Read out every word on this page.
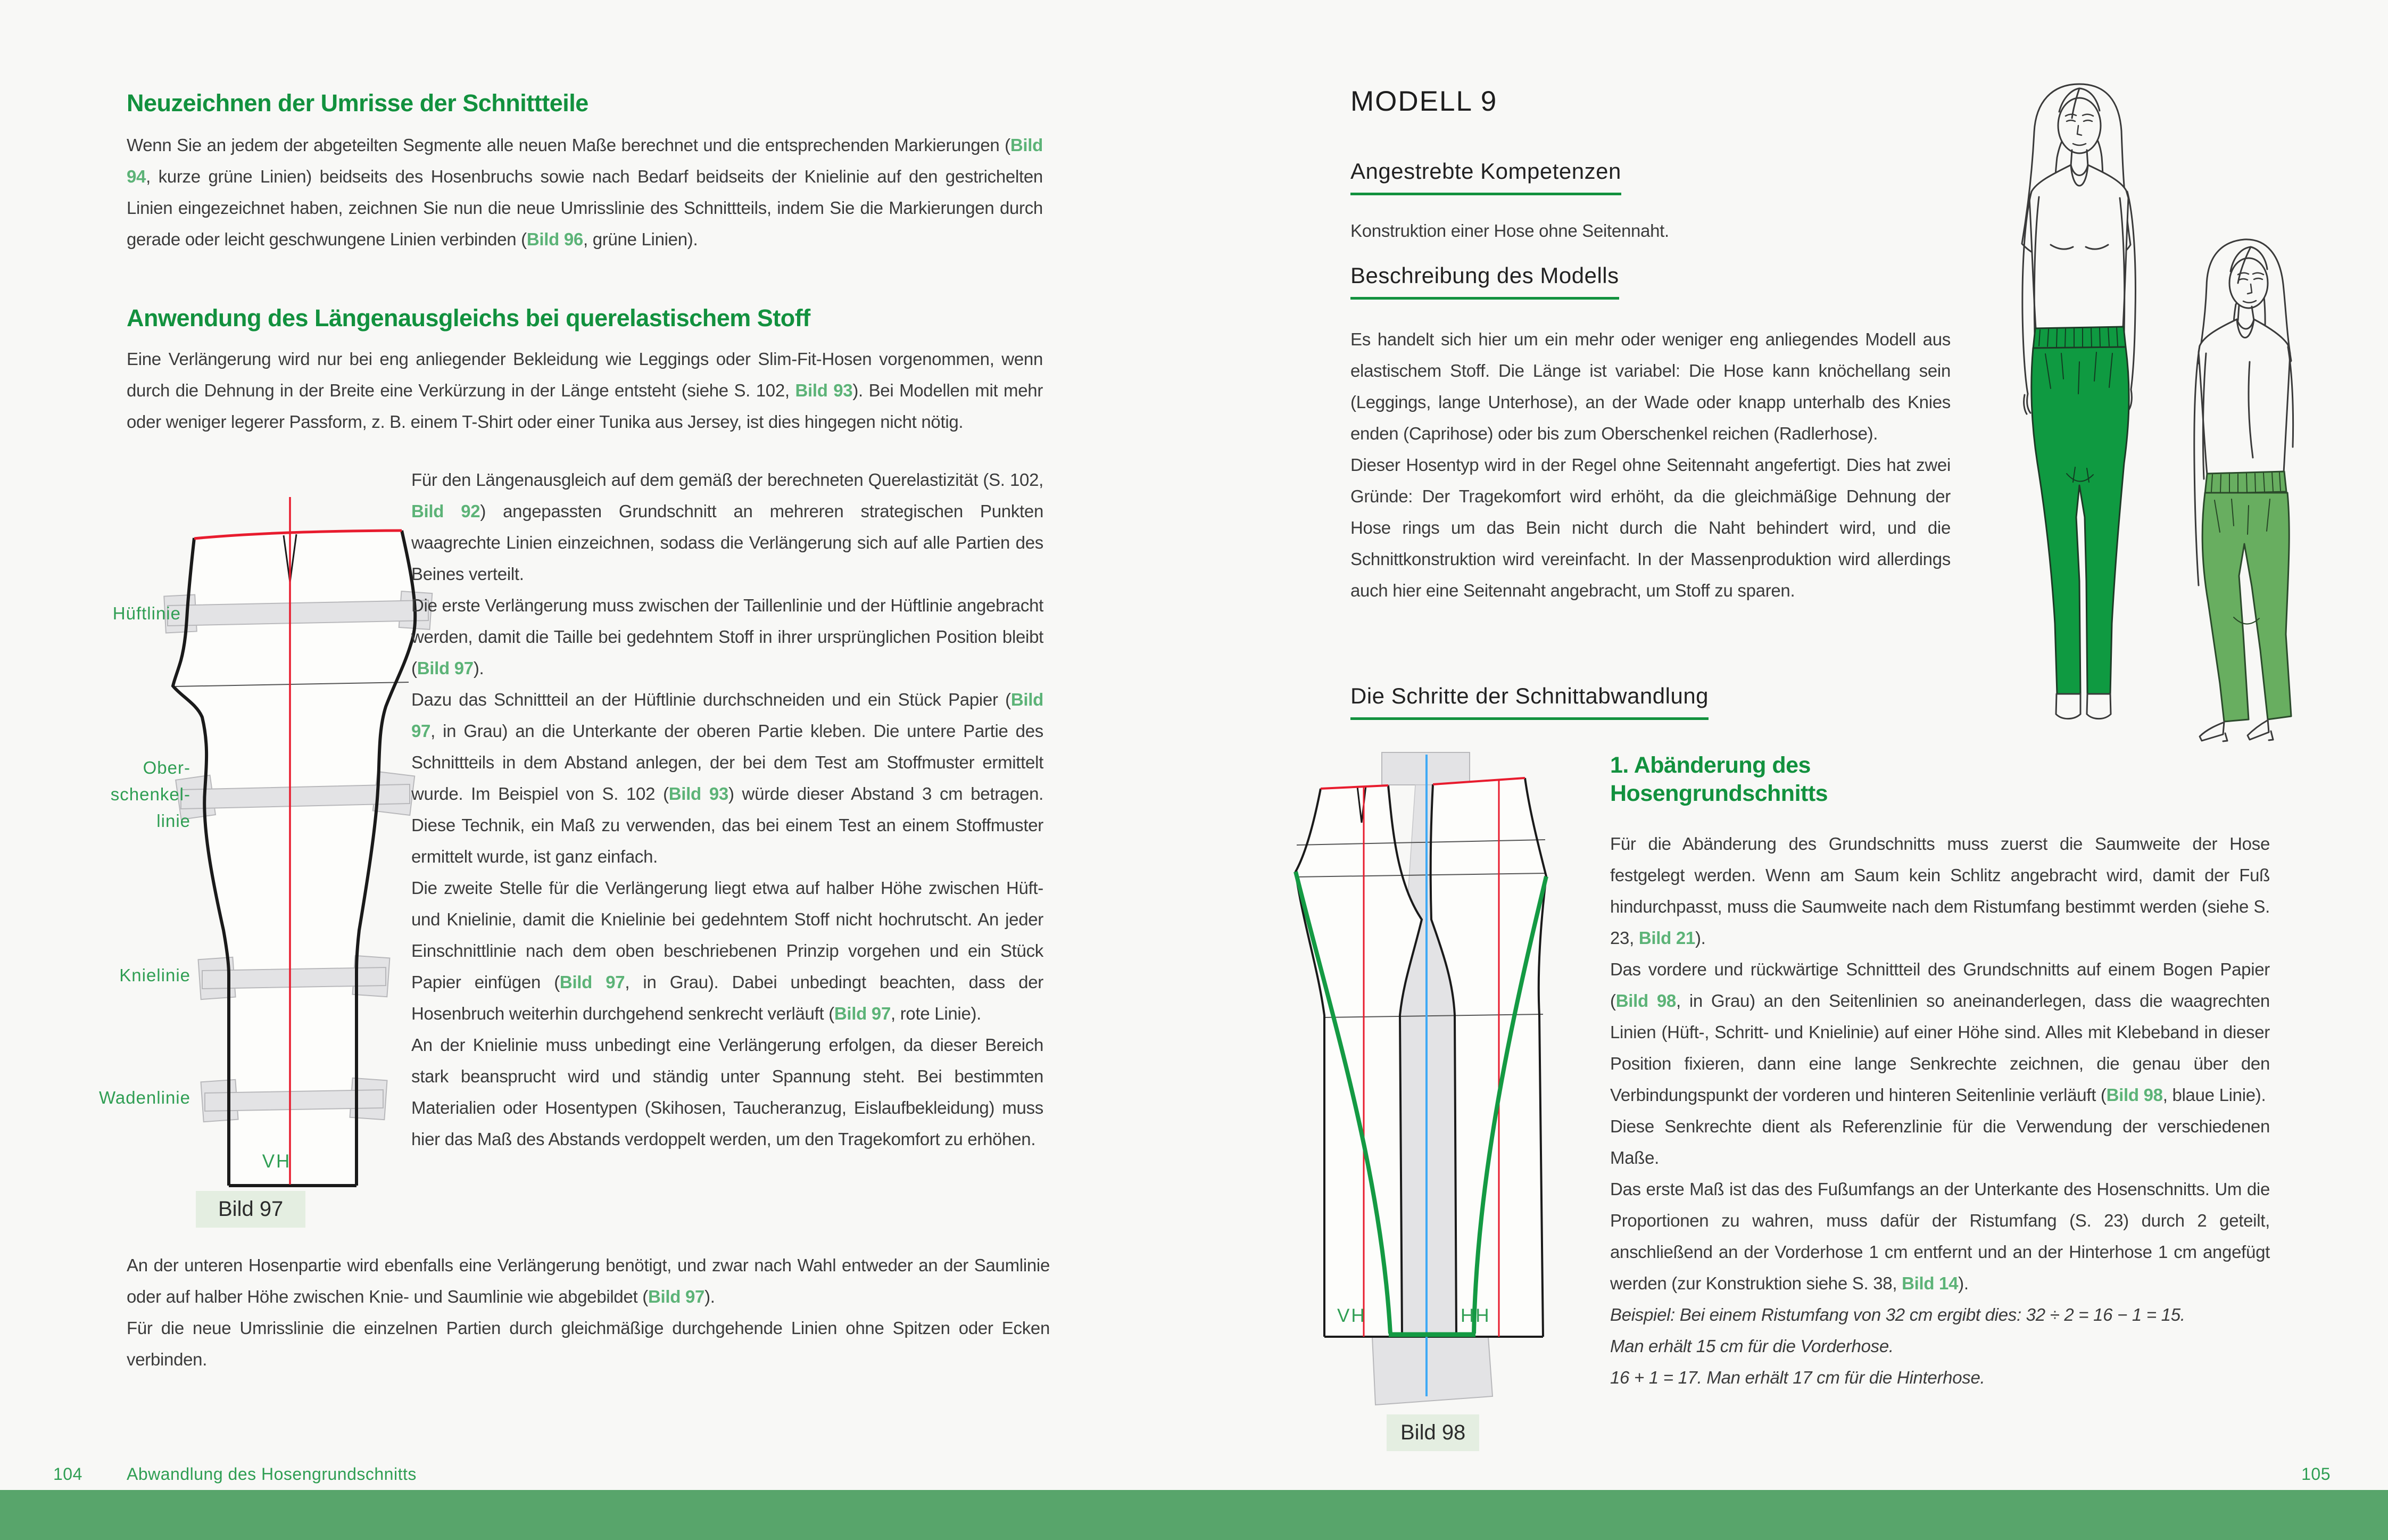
Neuzeichnen der Umrisse der Schnittteile
Wenn Sie an jedem der abgeteilten Segmente alle neuen Maße berechnet und die entsprechenden Markierungen (Bild 94, kurze grüne Linien) beidseits des Hosenbruchs sowie nach Bedarf beidseits der Knielinie auf den gestrichelten Linien eingezeichnet haben, zeichnen Sie nun die neue Umrisslinie des Schnittteils, indem Sie die Markierungen durch gerade oder leicht geschwungene Linien verbinden (Bild 96, grüne Linien).
Anwendung des Längenausgleichs bei querelastischem Stoff
Eine Verlängerung wird nur bei eng anliegender Bekleidung wie Leggings oder Slim-Fit-Hosen vorgenommen, wenn durch die Dehnung in der Breite eine Verkürzung in der Länge entsteht (siehe S. 102, Bild 93). Bei Modellen mit mehr oder weniger legerer Passform, z. B. einem T-Shirt oder einer Tunika aus Jersey, ist dies hingegen nicht nötig.
Hüftlinie
Ober-
schenkel-
linie
Knielinie
Wadenlinie
VH
Bild 97

Für den Längenausgleich auf dem gemäß der berechneten Querelastizität (S. 102, Bild 92) angepassten Grundschnitt an mehreren strategischen Punkten waagrechte Linien einzeichnen, sodass die Verlängerung sich auf alle Partien des Beines verteilt.

Die erste Verlängerung muss zwischen der Taillenlinie und der Hüftlinie angebracht werden, damit die Taille bei gedehntem Stoff in ihrer ursprünglichen Position bleibt (Bild 97).

Dazu das Schnittteil an der Hüftlinie durchschneiden und ein Stück Papier (Bild 97, in Grau) an die Unterkante der oberen Partie kleben. Die untere Partie des Schnittteils in dem Abstand anlegen, der bei dem Test am Stoffmuster ermittelt wurde. Im Beispiel von S. 102 (Bild 93) würde dieser Abstand 3 cm betragen. Diese Technik, ein Maß zu verwenden, das bei einem Test an einem Stoffmuster ermittelt wurde, ist ganz einfach.

Die zweite Stelle für die Verlängerung liegt etwa auf halber Höhe zwischen Hüft- und Knielinie, damit die Knielinie bei gedehntem Stoff nicht hochrutscht. An jeder Einschnittlinie nach dem oben beschriebenen Prinzip vorgehen und ein Stück Papier einfügen (Bild 97, in Grau). Dabei unbedingt beachten, dass der Hosenbruch weiterhin durchgehend senkrecht verläuft (Bild 97, rote Linie).

An der Knielinie muss unbedingt eine Verlängerung erfolgen, da dieser Bereich stark beansprucht wird und ständig unter Spannung steht. Bei bestimmten Materialien oder Hosentypen (Skihosen, Taucheranzug, Eislaufbekleidung) muss hier das Maß des Abstands verdoppelt werden, um den Tragekomfort zu erhöhen.

An der unteren Hosenpartie wird ebenfalls eine Verlängerung benötigt, und zwar nach Wahl entweder an der Saumlinie oder auf halber Höhe zwischen Knie- und Saumlinie wie abgebildet (Bild 97).

Für die neue Umrisslinie die einzelnen Partien durch gleichmäßige durchgehende Linien ohne Spitzen oder Ecken verbinden.

104	Abwandlung des Hosengrundschnitts
MODELL 9
Angestrebte Kompetenzen
Konstruktion einer Hose ohne Seitennaht.
Beschreibung des Modells

Es handelt sich hier um ein mehr oder weniger eng anliegendes Modell aus elastischem Stoff. Die Länge ist variabel: Die Hose kann knöchellang sein (Leggings, lange Unterhose), an der Wade oder knapp unterhalb des Knies enden (Caprihose) oder bis zum Oberschenkel reichen (Radlerhose).

Dieser Hosentyp wird in der Regel ohne Seitennaht angefertigt. Dies hat zwei Gründe: Der Tragekomfort wird erhöht, da die gleichmäßige Dehnung der Hose rings um das Bein nicht durch die Naht behindert wird, und die Schnittkonstruktion wird vereinfacht. In der Massenproduktion wird allerdings auch hier eine Seitennaht angebracht, um Stoff zu sparen.

Die Schritte der Schnittabwandlung
VH	HH
Bild 98
1. Abänderung des
Hosengrundschnitts

Für die Abänderung des Grundschnitts muss zuerst die Saumweite der Hose festgelegt werden. Wenn am Saum kein Schlitz angebracht wird, damit der Fuß hindurchpasst, muss die Saumweite nach dem Ristumfang bestimmt werden (siehe S. 23, Bild 21).

Das vordere und rückwärtige Schnittteil des Grundschnitts auf einem Bogen Papier (Bild 98, in Grau) an den Seitenlinien so aneinanderlegen, dass die waagrechten Linien (Hüft-, Schritt- und Knielinie) auf einer Höhe sind. Alles mit Klebeband in dieser Position fixieren, dann eine lange Senkrechte zeichnen, die genau über den Verbindungspunkt der vorderen und hinteren Seitenlinie verläuft (Bild 98, blaue Linie).

Diese Senkrechte dient als Referenzlinie für die Verwendung der verschiedenen Maße.

Das erste Maß ist das des Fußumfangs an der Unterkante des Hosenschnitts. Um die Proportionen zu wahren, muss dafür der Ristumfang (S. 23) durch 2 geteilt, anschließend an der Vorderhose 1 cm entfernt und an der Hinterhose 1 cm angefügt werden (zur Konstruktion siehe S. 38, Bild 14).

Beispiel: Bei einem Ristumfang von 32 cm ergibt dies: 32 ÷ 2 = 16 − 1 = 15.

Man erhält 15 cm für die Vorderhose.

16 + 1 = 17. Man erhält 17 cm für die Hinterhose.

105
